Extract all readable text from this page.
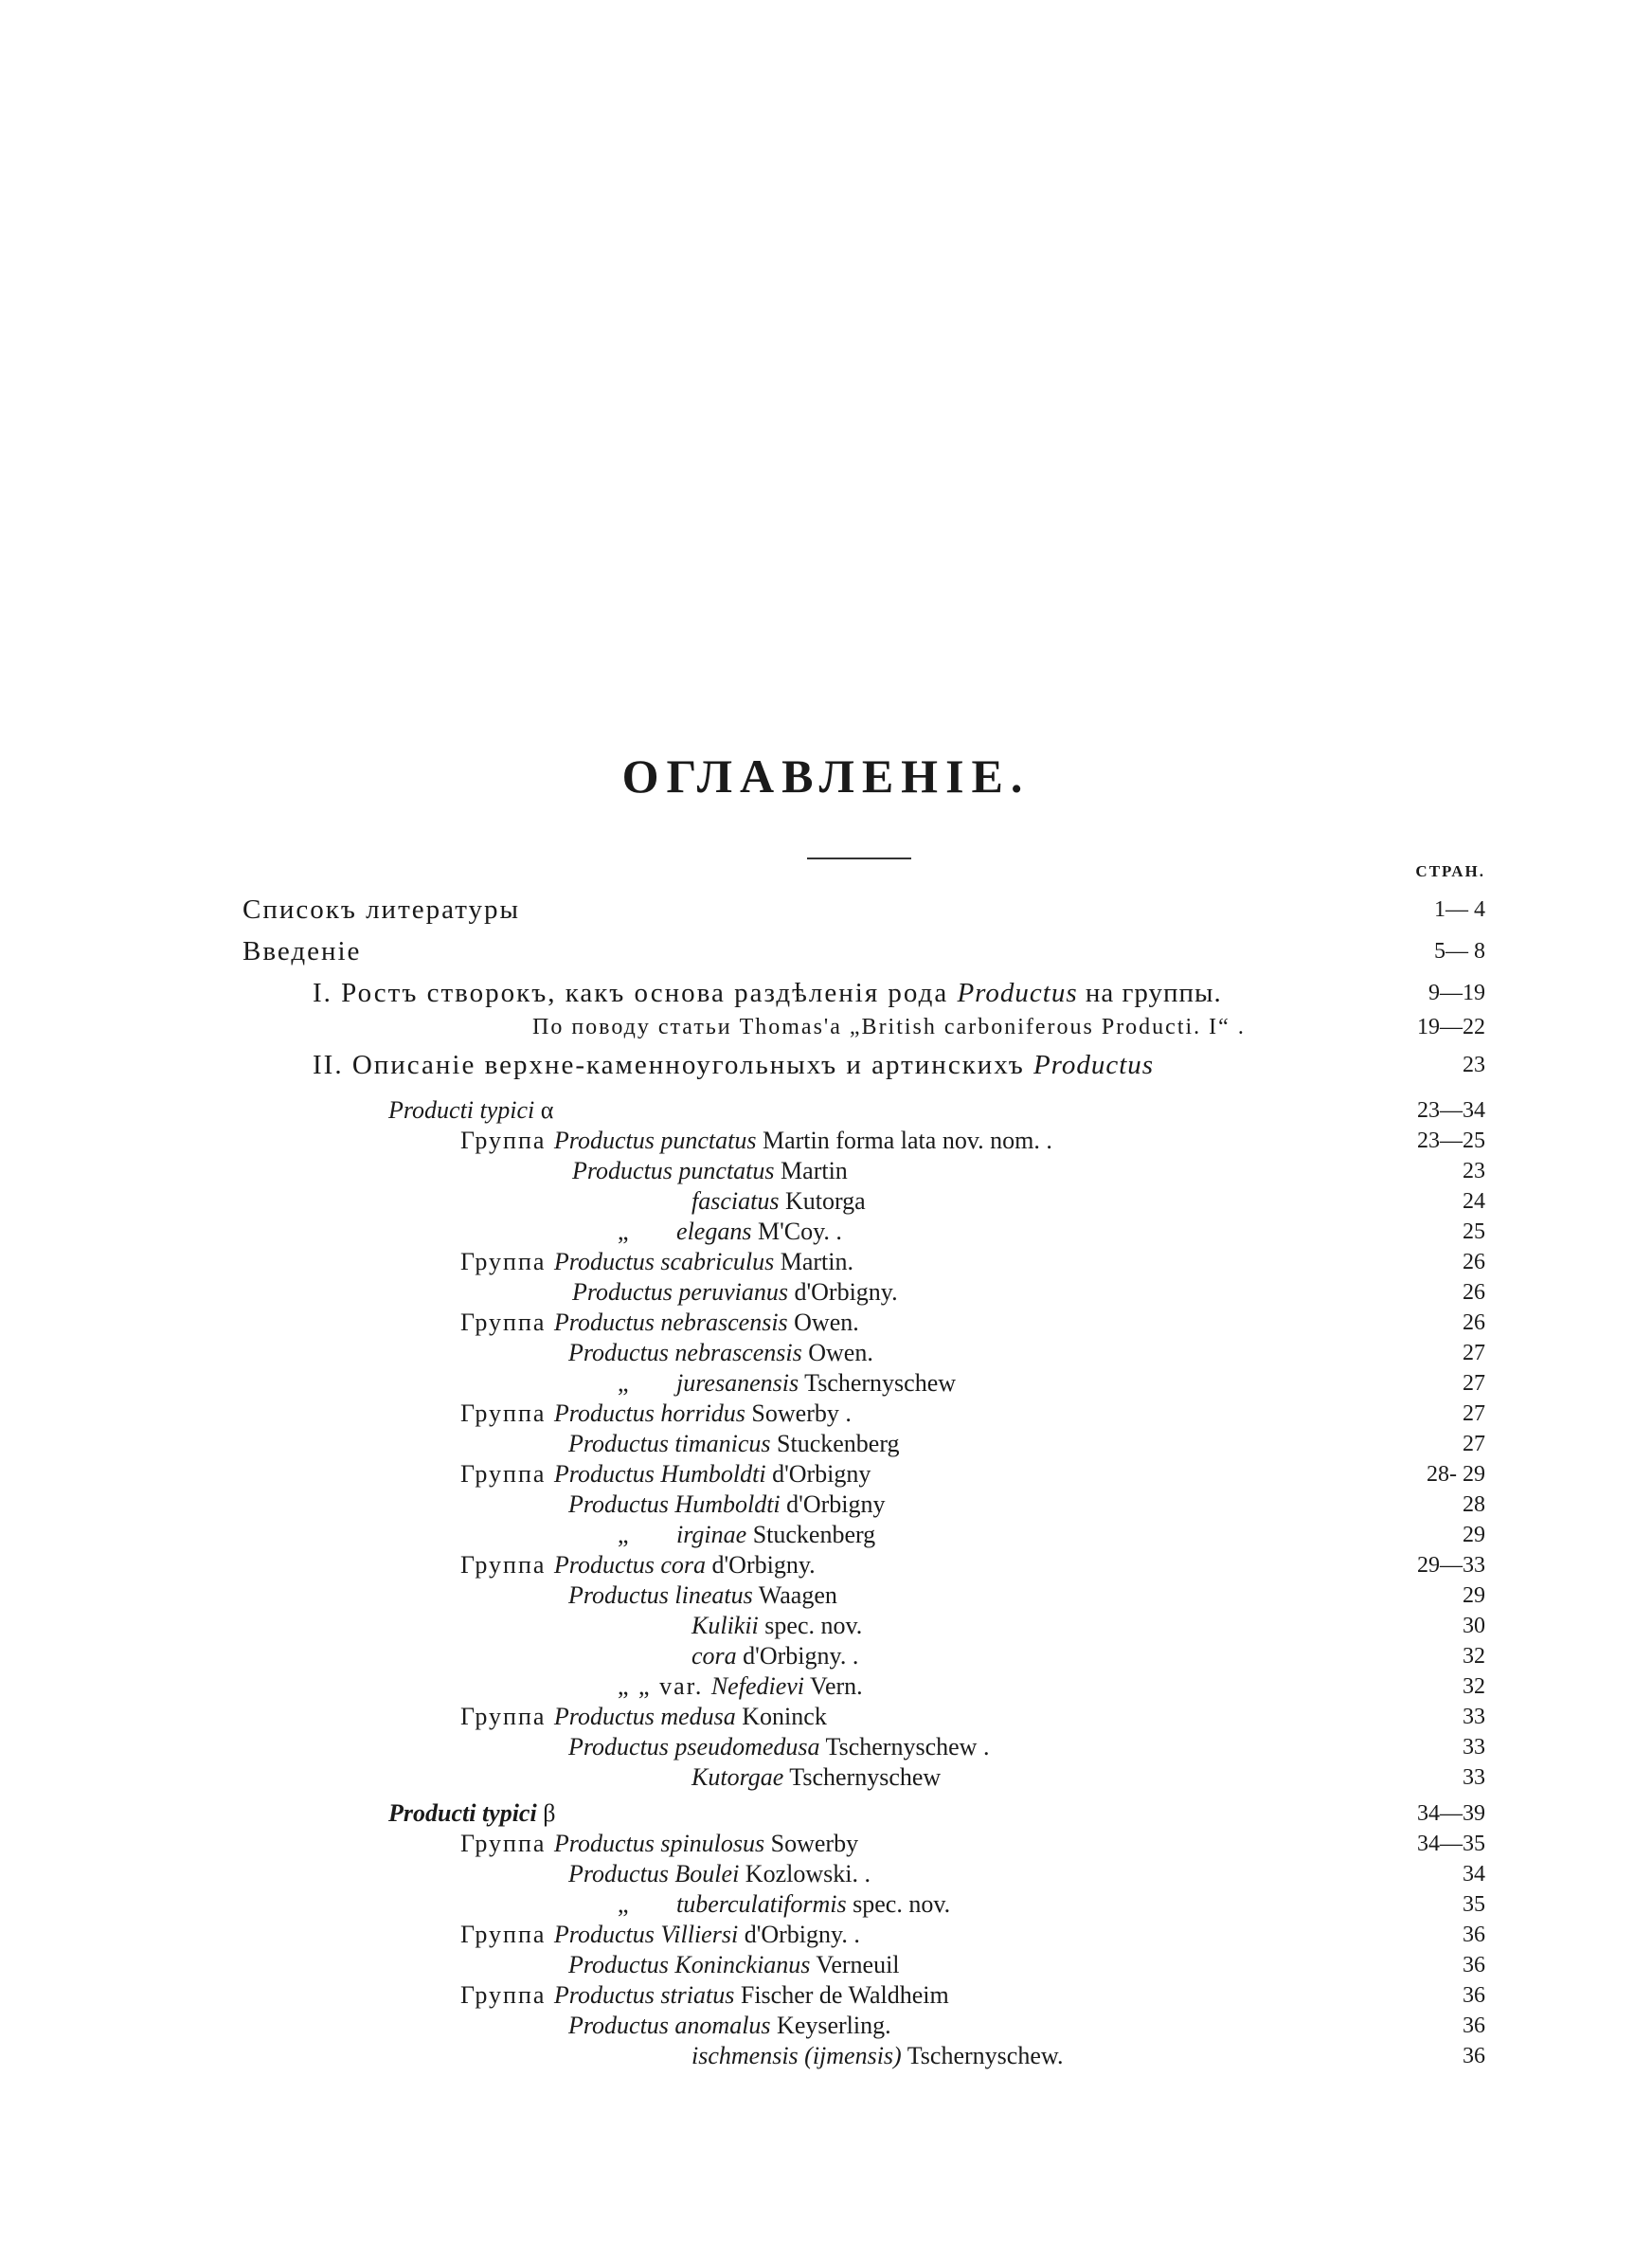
ОГЛАВЛЕНIЕ.
СТРАН.
Списокъ литературы	1— 4
Введенiе	5— 8
I. Ростъ створокъ, какъ основа раздѣленiя рода Productus на группы.	9—19
По поводу статьи Thomas'a „British carboniferous Producti. I“ .	19—22
II. Описанiе верхне-каменноугольныхъ и артинскихъ Productus	23
Producti typici α	23—34
Группа Productus punctatus Martin forma lata nov. nom. .	23—25
Productus punctatus Martin	23
fasciatus Kutorga	24
„ elegans M'Coy. .	25
Группа Productus scabriculus Martin.	26
Productus peruvianus d'Orbigny.	26
Группа Productus nebrascensis Owen.	26
Productus nebrascensis Owen.	27
„ juresanensis Tschernyschew	27
Группа Productus horridus Sowerby .	27
Productus timanicus Stuckenberg	27
Группа Productus Humboldti d'Orbigny	28- 29
Productus Humboldti d'Orbigny	28
„ irginae Stuckenberg	29
Группа Productus cora d'Orbigny.	29—33
Productus lineatus Waagen	29
Kulikii spec. nov.	30
cora d'Orbigny. .	32
„ „ var. Nefedievi Vern.	32
Группа Productus medusa Koninck	33
Productus pseudomedusa Tschernyschew .	33
Kutorgae Tschernyschew	33
Producti typici β	34—39
Группа Productus spinulosus Sowerby	34—35
Productus Boulei Kozlowski. .	34
„ tuberculatiformis spec. nov.	35
Группа Productus Villiersi d'Orbigny. .	36
Productus Koninckianus Verneuil	36
Группа Productus striatus Fischer de Waldheim	36
Productus anomalus Keyserling.	36
ischmensis (ijmensis) Tschernyschew.	36
